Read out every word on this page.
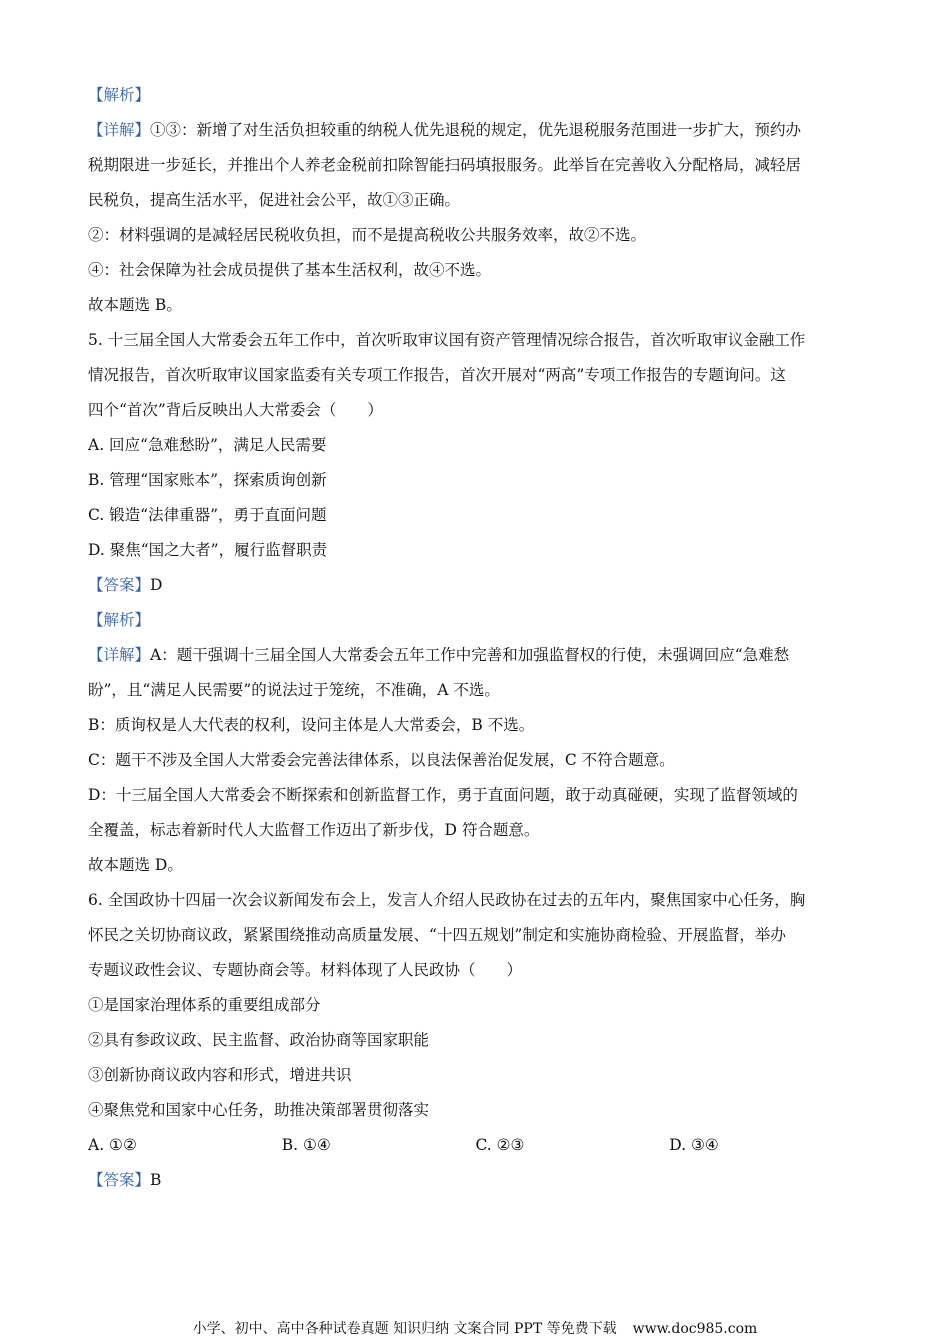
【解析】
【详解】①③：新增了对生活负担较重的纳税人优先退税的规定，优先退税服务范围进一步扩大，预约办
税期限进一步延长，并推出个人养老金税前扣除智能扫码填报服务。此举旨在完善收入分配格局，减轻居
民税负，提高生活水平，促进社会公平，故①③正确。
②：材料强调的是减轻居民税收负担，而不是提高税收公共服务效率，故②不选。
④：社会保障为社会成员提供了基本生活权利，故④不选。
故本题选 B。
5. 十三届全国人大常委会五年工作中，首次听取审议国有资产管理情况综合报告，首次听取审议金融工作
情况报告，首次听取审议国家监委有关专项工作报告，首次开展对“两高”专项工作报告的专题询问。这
四个“首次”背后反映出人大常委会（　　）
A. 回应“急难愁盼”，满足人民需要
B. 管理“国家账本”，探索质询创新
C. 锻造“法律重器”，勇于直面问题
D. 聚焦“国之大者”，履行监督职责
【答案】D
【解析】
【详解】A：题干强调十三届全国人大常委会五年工作中完善和加强监督权的行使，未强调回应“急难愁
盼”，且“满足人民需要”的说法过于笼统，不准确，A 不选。
B：质询权是人大代表的权利，设问主体是人大常委会，B 不选。
C：题干不涉及全国人大常委会完善法律体系，以良法保善治促发展，C 不符合题意。
D：十三届全国人大常委会不断探索和创新监督工作，勇于直面问题，敢于动真碰硬，实现了监督领域的
全覆盖，标志着新时代人大监督工作迈出了新步伐，D 符合题意。
故本题选 D。
6. 全国政协十四届一次会议新闻发布会上，发言人介绍人民政协在过去的五年内，聚焦国家中心任务，胸
怀民之关切协商议政，紧紧围绕推动高质量发展、“十四五规划”制定和实施协商检验、开展监督，举办
专题议政性会议、专题协商会等。材料体现了人民政协（　　）
①是国家治理体系的重要组成部分
②具有参政议政、民主监督、政治协商等国家职能
③创新协商议政内容和形式，增进共识
④聚焦党和国家中心任务，助推决策部署贯彻落实
A. ①②	B. ①④	C. ②③	D. ③④
【答案】B
小学、初中、高中各种试卷真题 知识归纳 文案合同 PPT 等免费下载 www.doc985.com
